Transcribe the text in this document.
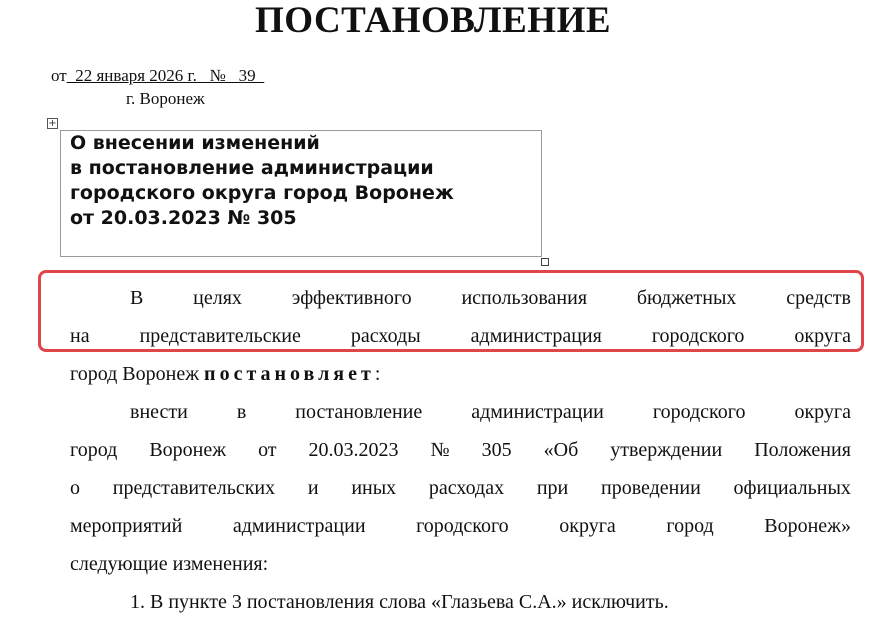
ПОСТАНОВЛЕНИЕ
от_22 января 2026 г. _№ _39_
г. Воронеж
+
О внесении изменений
в постановление администрации
городского округа город Воронеж
от 20.03.2023 № 305
В целях эффективного использования бюджетных средств
на	представительские	расходы	администрация	городского	округа
город Воронеж постановляет:
внести в постановление администрации городского округа
город Воронеж от 20.03.2023 № 305 «Об утверждении Положения
о представительских и иных расходах при проведении официальных
мероприятий	администрации	городского	округа	город	Воронеж»
следующие изменения:
1. В пункте 3 постановления слова «Глазьева С.А.» исключить.
